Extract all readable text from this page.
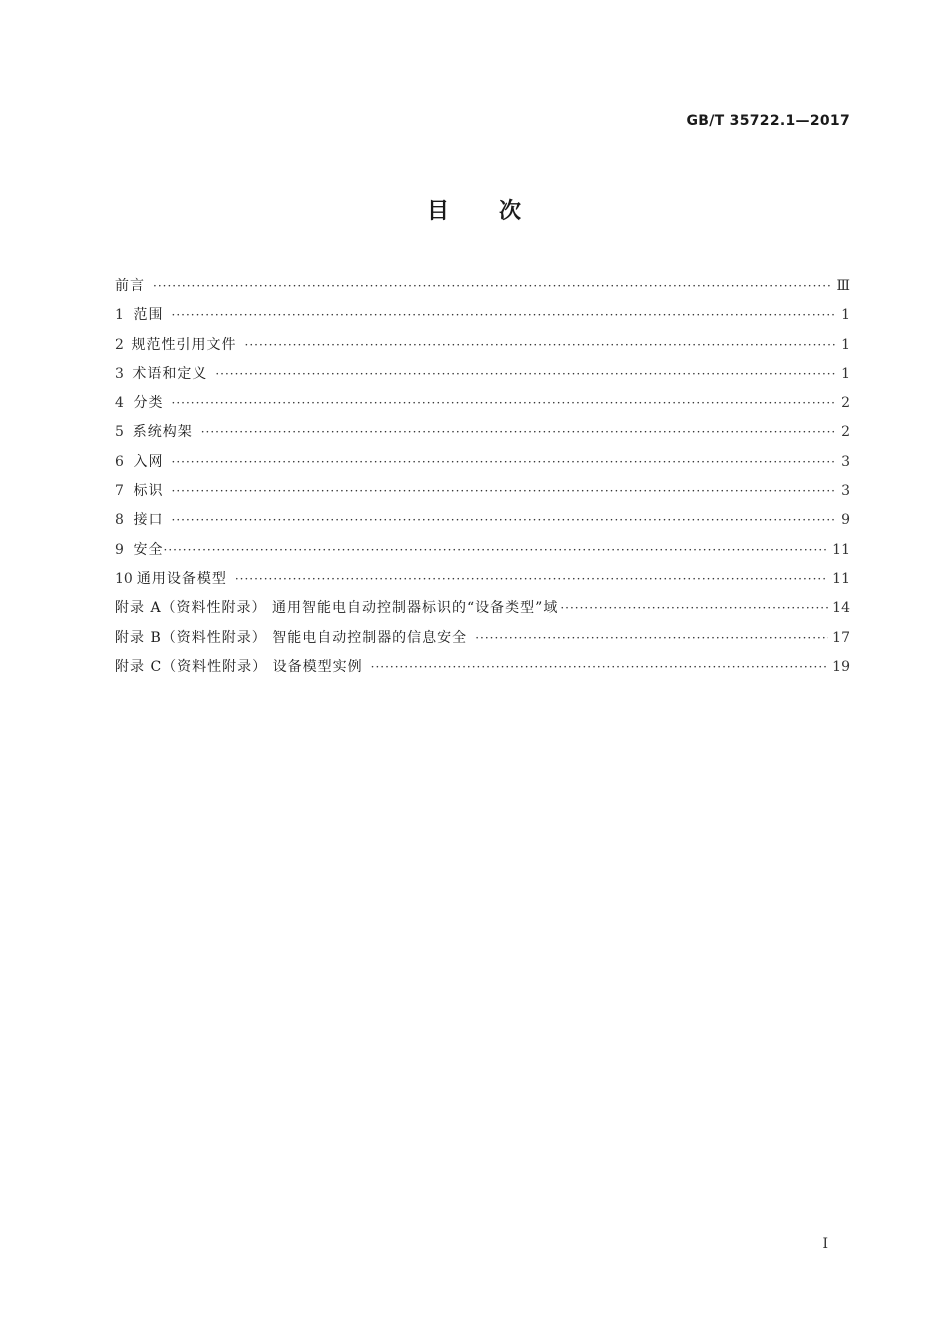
GB/T 35722.1—2017
目 次
前言 ·····	Ⅲ
1 范围 ·····	1
2 规范性引用文件 ·····	1
3 术语和定义 ·····	1
4 分类 ·····	2
5 系统构架 ·····	2
6 入网 ·····	3
7 标识 ·····	3
8 接口 ·····	9
9 安全 ·····	11
10 通用设备模型 ·····	11
附录 A（资料性附录） 通用智能电自动控制器标识的“设备类型”域 ·····	14
附录 B（资料性附录） 智能电自动控制器的信息安全 ·····	17
附录 C（资料性附录） 设备模型实例 ·····	19
I
